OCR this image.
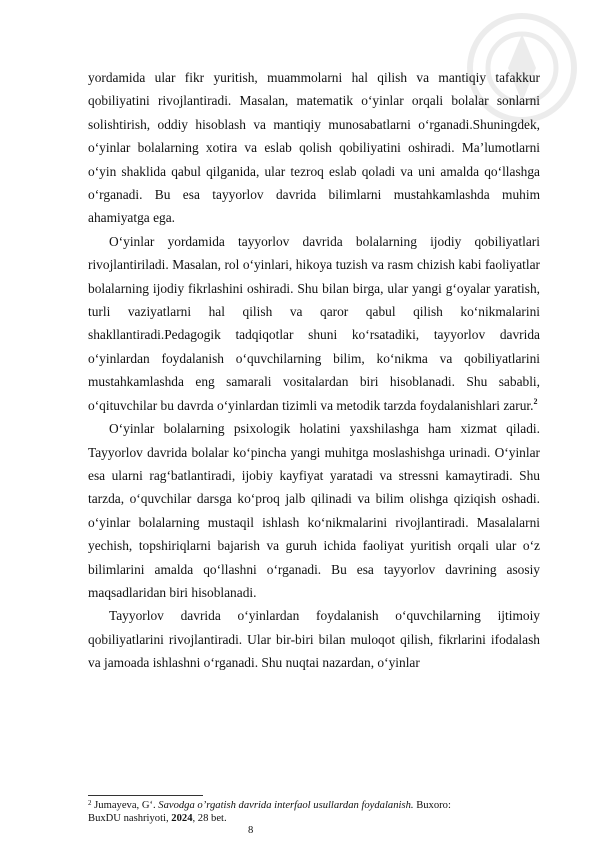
yordamida ular fikr yuritish, muammolarni hal qilish va mantiqiy tafakkur qobiliyatini rivojlantiradi. Masalan, matematik o‘yinlar orqali bolalar sonlarni solishtirish, oddiy hisoblash va mantiqiy munosabatlarni o‘rganadi.Shuningdek, o‘yinlar bolalarning xotira va eslab qolish qobiliyatini oshiradi. Ma’lumotlarni o‘yin shaklida qabul qilganida, ular tezroq eslab qoladi va uni amalda qo‘llashga o‘rganadi. Bu esa tayyorlov davrida bilimlarni mustahkamlashda muhim ahamiyatga ega.

O‘yinlar yordamida tayyorlov davrida bolalarning ijodiy qobiliyatlari rivojlantiriladi. Masalan, rol o‘yinlari, hikoya tuzish va rasm chizish kabi faoliyatlar bolalarning ijodiy fikrlashini oshiradi. Shu bilan birga, ular yangi g‘oyalar yaratish, turli vaziyatlarni hal qilish va qaror qabul qilish ko‘nikmalarini shakllantiradi.Pedagogik tadqiqotlar shuni ko‘rsatadiki, tayyorlov davrida o‘yinlardan foydalanish o‘quvchilarning bilim, ko‘nikma va qobiliyatlarini mustahkamlashda eng samarali vositalardan biri hisoblanadi. Shu sababli, o‘qituvchilar bu davrda o‘yinlardan tizimli va metodik tarzda foydalanishlari zarur.$^2$

O‘yinlar bolalarning psixologik holatini yaxshilashga ham xizmat qiladi. Tayyorlov davrida bolalar ko‘pincha yangi muhitga moslashishga urinadi. O‘yinlar esa ularni rag‘batlantiradi, ijobiy kayfiyat yaratadi va stressni kamaytiradi. Shu tarzda, o‘quvchilar darsga ko‘proq jalb qilinadi va bilim olishga qiziqish oshadi. o‘yinlar bolalarning mustaqil ishlash ko‘nikmalarini rivojlantiradi. Masalalarni yechish, topshiriqlarni bajarish va guruh ichida faoliyat yuritish orqali ular o‘z bilimlarini amalda qo‘llashni o‘rganadi. Bu esa tayyorlov davrining asosiy maqsadlaridan biri hisoblanadi.

Tayyorlov davrida o‘yinlardan foydalanish o‘quvchilarning ijtimoiy qobiliyatlarini rivojlantiradi. Ular bir-biri bilan muloqot qilish, fikrlarini ifodalash va jamoada ishlashni o‘rganadi. Shu nuqtai nazardan, o‘yinlar

$^2$ Jumayeva, G‘. Savodga o’rgatish davrida interfaol usullardan foydalanish. Buxoro:
BuxDU nashriyoti, 2024, 28 bet.
8
